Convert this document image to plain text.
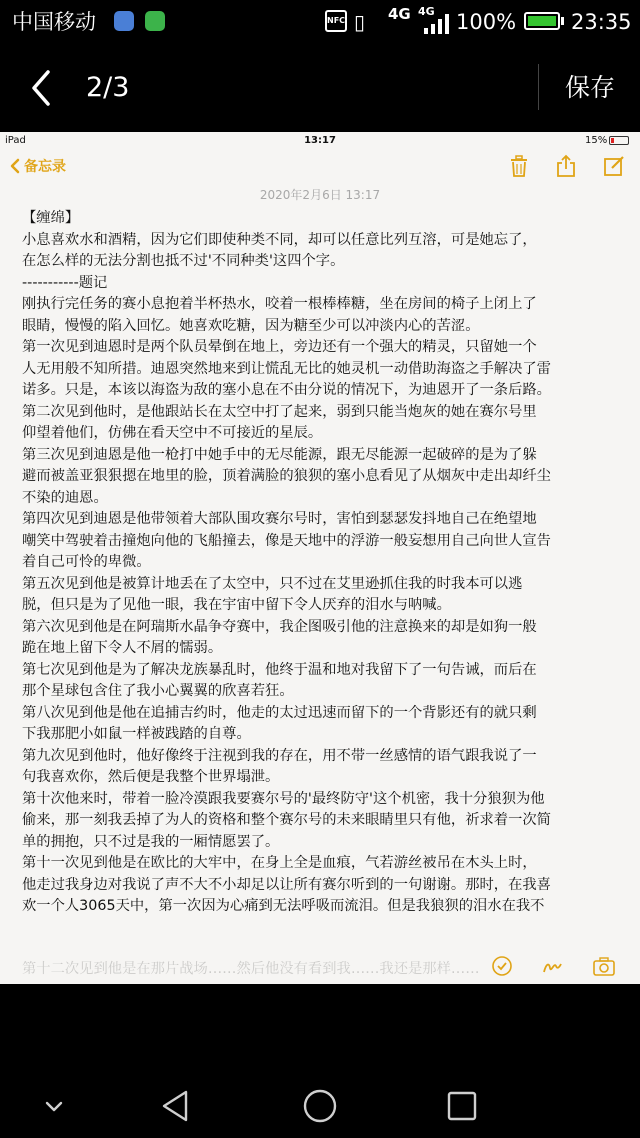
中国移动	NFC ▯ 4G 4G 100%	23:35
2/3	保存
iPad	13:17	15%
备忘录
2020年2月6日 13:17

【缠绵】

小息喜欢水和酒精，因为它们即使种类不同，却可以任意比列互溶，可是她忘了，

在怎么样的无法分割也抵不过'不同种类'这四个字。

-----------题记

刚执行完任务的赛小息抱着半杯热水，咬着一根棒棒糖，坐在房间的椅子上闭上了

眼睛，慢慢的陷入回忆。她喜欢吃糖，因为糖至少可以冲淡内心的苦涩。

第一次见到迪恩时是两个队员晕倒在地上，旁边还有一个强大的精灵，只留她一个

人无用般不知所措。迪恩突然地来到让慌乱无比的她灵机一动借助海盗之手解决了雷

诺多。只是，本该以海盗为敌的塞小息在不由分说的情况下，为迪恩开了一条后路。

第二次见到他时，是他跟站长在太空中打了起来，弱到只能当炮灰的她在赛尔号里

仰望着他们，仿佛在看天空中不可接近的星辰。

第三次见到迪恩是他一枪打中她手中的无尽能源，跟无尽能源一起破碎的是为了躲

避而被盖亚狠狠摁在地里的脸，顶着满脸的狼狈的塞小息看见了从烟灰中走出却纤尘

不染的迪恩。

第四次见到迪恩是他带领着大部队围攻赛尔号时，害怕到瑟瑟发抖地自己在绝望地

嘲笑中驾驶着击撞炮向他的飞船撞去，像是天地中的浮游一般妄想用自己向世人宣告

着自己可怜的卑微。

第五次见到他是被算计地丢在了太空中，只不过在艾里逊抓住我的时我本可以逃

脱，但只是为了见他一眼，我在宇宙中留下令人厌弃的泪水与呐喊。

第六次见到他是在阿瑞斯水晶争夺赛中，我企图吸引他的注意换来的却是如狗一般

跪在地上留下令人不屑的懦弱。

第七次见到他是为了解决龙族暴乱时，他终于温和地对我留下了一句告诫，而后在

那个星球包含住了我小心翼翼的欣喜若狂。

第八次见到他是他在追捕吉约时，他走的太过迅速而留下的一个背影还有的就只剩

下我那肥小如鼠一样被践踏的自尊。

第九次见到他时，他好像终于注视到我的存在，用不带一丝感情的语气跟我说了一

句我喜欢你，然后便是我整个世界塌泄。

第十次他来时，带着一脸冷漠跟我要赛尔号的'最终防守'这个机密，我十分狼狈为他

偷来，那一刻我丢掉了为人的资格和整个赛尔号的未来眼睛里只有他，祈求着一次简

单的拥抱，只不过是我的一厢情愿罢了。

第十一次见到他是在欧比的大牢中，在身上全是血痕，气若游丝被吊在木头上时，

他走过我身边对我说了声不大不小却足以让所有赛尔听到的一句谢谢。那时，在我喜

欢一个人3065天中，第一次因为心痛到无法呼吸而流泪。但是我狼狈的泪水在我不

第十二次见到他是在那片战场……然后他没有看到我……我还是那样……
